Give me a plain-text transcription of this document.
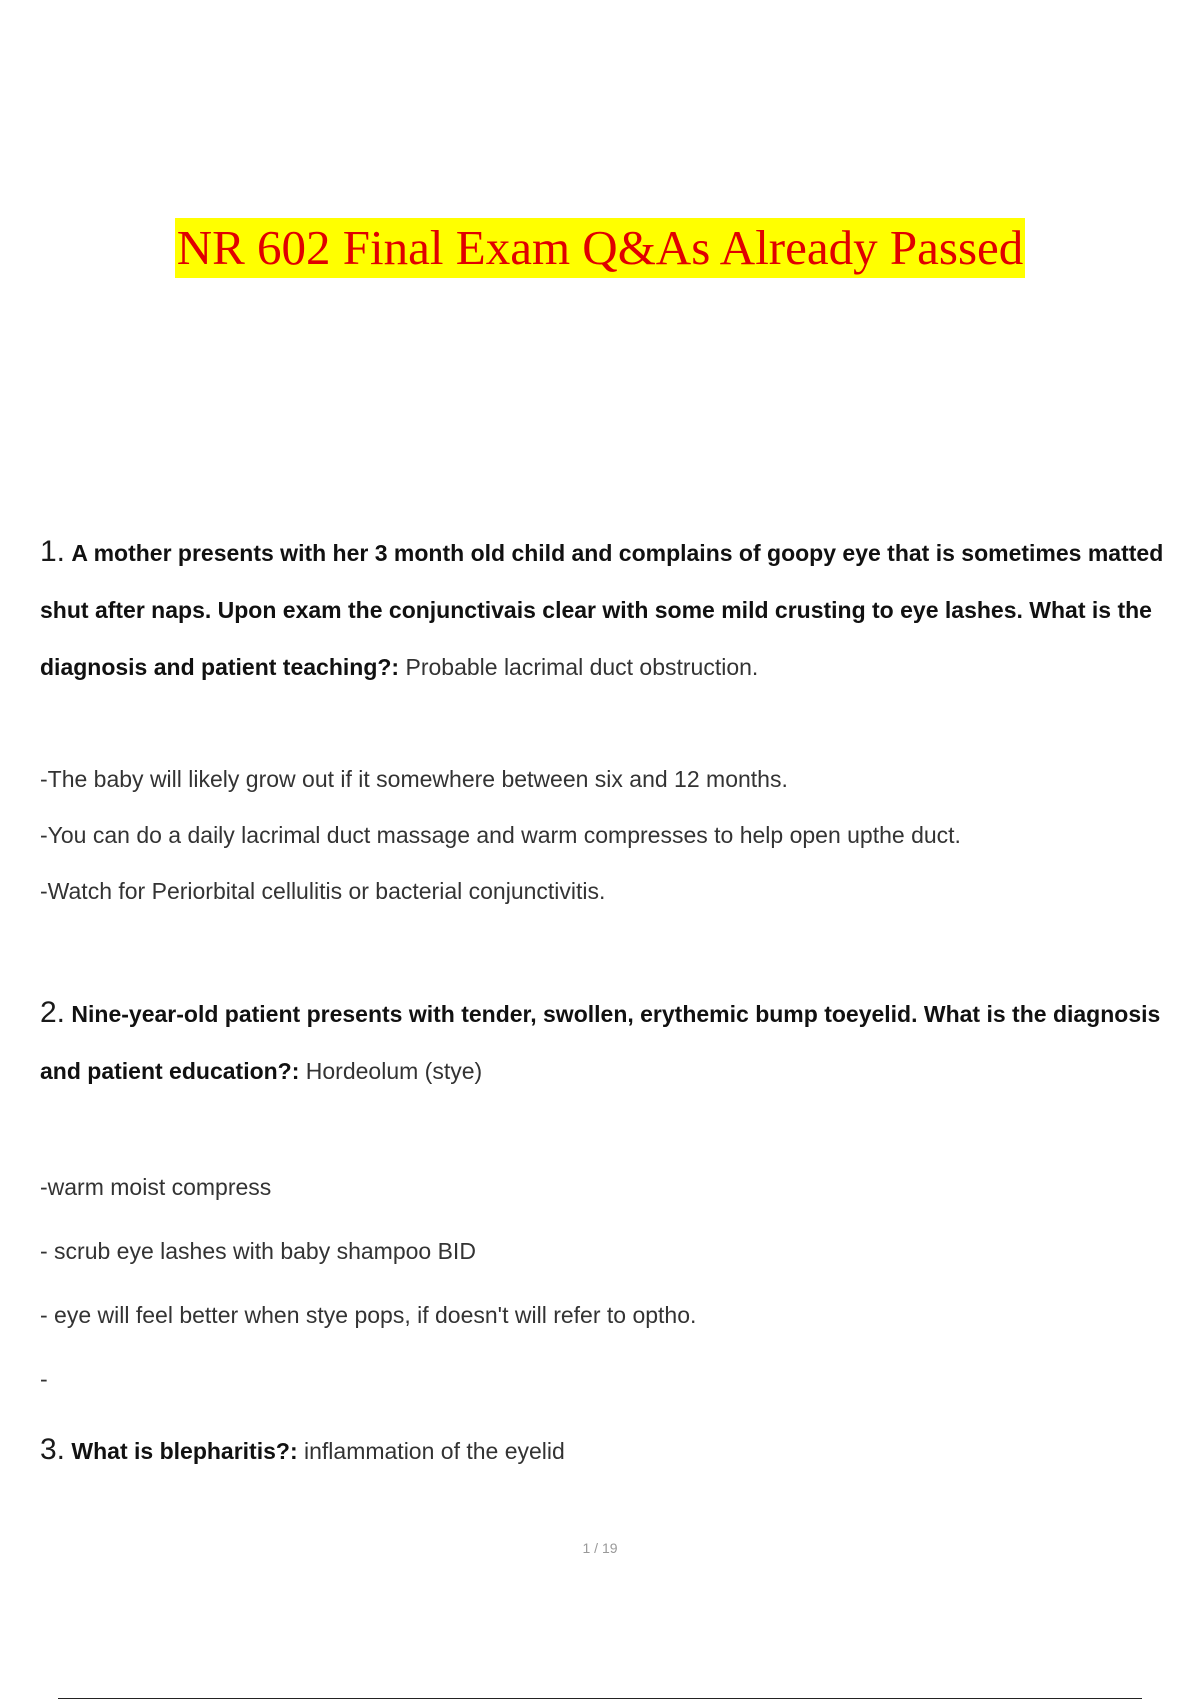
NR 602 Final Exam Q&As Already Passed

1. A mother presents with her 3 month old child and complains of goopy eye that is sometimes matted shut after naps. Upon exam the conjunctivais clear with some mild crusting to eye lashes. What is the diagnosis and patient teaching?: Probable lacrimal duct obstruction.

-The baby will likely grow out if it somewhere between six and 12 months.
-You can do a daily lacrimal duct massage and warm compresses to help open upthe duct.
-Watch for Periorbital cellulitis or bacterial conjunctivitis.

2. Nine-year-old patient presents with tender, swollen, erythemic bump toeyelid. What is the diagnosis and patient education?: Hordeolum (stye)

-warm moist compress
- scrub eye lashes with baby shampoo BID
- eye will feel better when stye pops, if doesn't will refer to optho.
-

3. What is blepharitis?: inflammation of the eyelid

1 / 19
